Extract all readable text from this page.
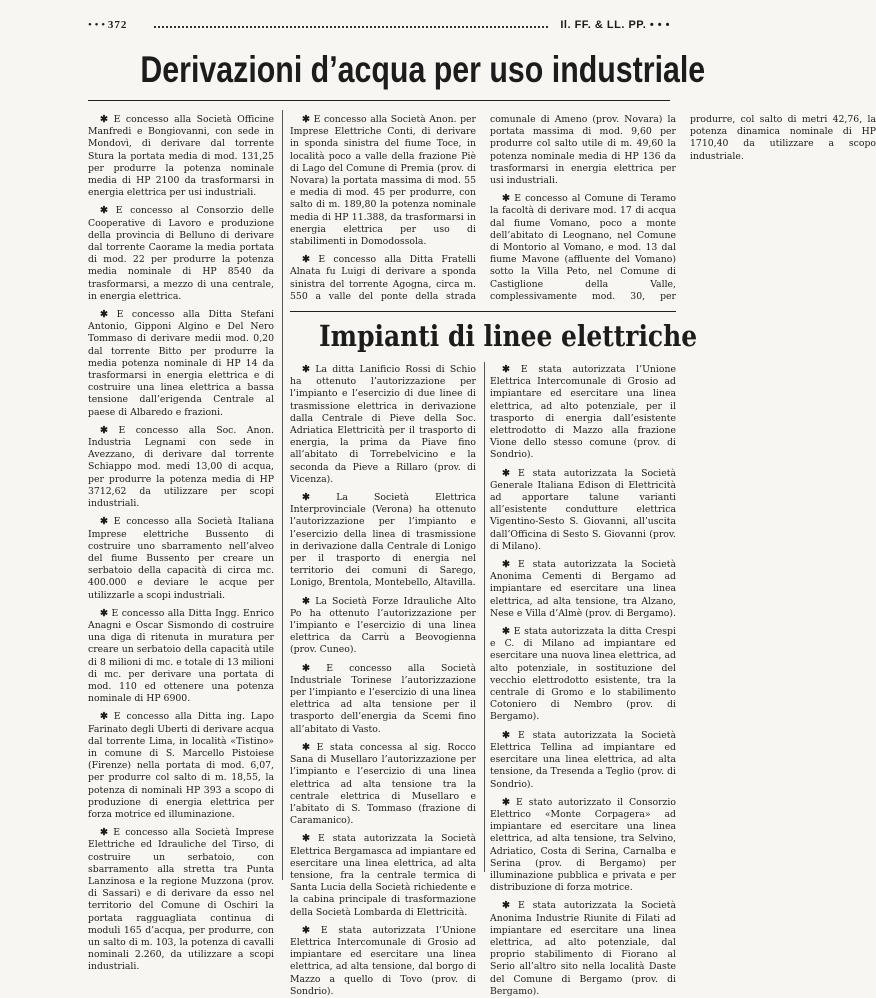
• • • 372	Il. FF. & LL. PP. • • •
Derivazioni d’acqua per uso industriale

✱ E concesso alla Società Officine Manfredi e Bongiovanni, con sede in Mondovì, di derivare dal torrente Stura la portata media di mod. 131,25 per produrre la potenza nominale media di HP 2100 da trasformarsi in energia elettrica per usi industriali.

✱ E concesso al Consorzio delle Cooperative di Lavoro e produzione della provincia di Belluno di derivare dal torrente Caorame la media portata di mod. 22 per produrre la potenza media nominale di HP 8540 da trasformarsi, a mezzo di una centrale, in energia elettrica.

✱ E concesso alla Ditta Stefani Antonio, Gipponi Algino e Del Nero Tommaso di derivare medii mod. 0,20 dal torrente Bitto per produrre la media potenza nominale di HP 14 da trasformarsi in energia elettrica e di costruire una linea elettrica a bassa tensione dall’erigenda Centrale al paese di Albaredo e frazioni.

✱ E concesso alla Soc. Anon. Industria Legnami con sede in Avezzano, di derivare dal torrente Schiappo mod. medi 13,00 di acqua, per produrre la potenza media di HP 3712,62 da utilizzare per scopi industriali.

✱ E concesso alla Società Italiana Imprese elettriche Bussento di costruire uno sbarramento nell’alveo del fiume Bussento per creare un serbatoio della capacità di circa mc. 400.000 e deviare le acque per utilizzarle a scopi industriali.

✱ E concesso alla Ditta Ingg. Enrico Anagni e Oscar Sismondo di costruire una diga di ritenuta in muratura per creare un serbatoio della capacità utile di 8 milioni di mc. e totale di 13 milioni di mc. per derivare una portata di mod. 110 ed ottenere una potenza nominale di HP 6900.

✱ E concesso alla Ditta ing. Lapo Farinato degli Uberti di derivare acqua dal torrente Lima, in località «Tistino» in comune di S. Marcello Pistoiese (Firenze) nella portata di mod. 6,07, per produrre col salto di m. 18,55, la potenza di nominali HP 393 a scopo di produzione di energia elettrica per forza motrice ed illuminazione.

✱ E concesso alla Società Imprese Elettriche ed Idrauliche del Tirso, di costruire un serbatoio, con sbarramento alla stretta tra Punta Lanzinosa e la regione Muzzona (prov. di Sassari) e di derivare da esso nel territorio del Comune di Oschiri la portata ragguagliata continua di moduli 165 d’acqua, per produrre, con un salto di m. 103, la potenza di cavalli nominali 2.260, da utilizzare a scopi industriali.

✱ E concesso alla Società Anon. per Imprese Elettriche Conti, di derivare in sponda sinistra del fiume Toce, in località poco a valle della frazione Piè di Lago del Comune di Premia (prov. di Novara) la portata massima di mod. 55 e media di mod. 45 per produrre, con salto di m. 189,80 la potenza nominale media di HP 11.388, da trasformarsi in energia elettrica per uso di stabilimenti in Domodossola.

✱ E concesso alla Ditta Fratelli Alnata fu Luigi di derivare a sponda sinistra del torrente Agogna, circa m. 550 a valle del ponte della strada comunale di Ameno (prov. Novara) la portata massima di mod. 9,60 per produrre col salto utile di m. 49,60 la potenza nominale media di HP 136 da trasformarsi in energia elettrica per usi industriali.

✱ E concesso al Comune di Teramo la facoltà di derivare mod. 17 di acqua dal fiume Vomano, poco a monte dell’abitato di Leognano, nel Comune di Montorio al Vomano, e mod. 13 dal fiume Mavone (affluente del Vomano) sotto la Villa Peto, nel Comune di Castiglione della Valle, complessivamente mod. 30, per produrre, col salto di metri 42,76, la potenza dinamica nominale di HP 1710,40 da utilizzare a scopo industriale.

Impianti di linee elettriche

✱ La ditta Lanificio Rossi di Schio ha ottenuto l’autorizzazione per l’impianto e l’esercizio di due linee di trasmissione elettrica in derivazione dalla Centrale di Pieve della Soc. Adriatica Elettricità per il trasporto di energia, la prima da Piave fino all’abitato di Torrebelvicino e la seconda da Pieve a Rillaro (prov. di Vicenza).

✱ La Società Elettrica Interprovinciale (Verona) ha ottenuto l’autorizzazione per l’impianto e l’esercizio della linea di trasmissione in derivazione dalla Centrale di Lonigo per il trasporto di energia nel territorio dei comuni di Sarego, Lonigo, Brentola, Montebello, Altavilla.

✱ La Società Forze Idrauliche Alto Po ha ottenuto l’autorizzazione per l’impianto e l’esercizio di una linea elettrica da Carrù a Beovogienna (prov. Cuneo).

✱ E concesso alla Società Industriale Torinese l’autorizzazione per l’impianto e l’esercizio di una linea elettrica ad alta tensione per il trasporto dell’energia da Scemi fino all’abitato di Vasto.

✱ E stata concessa al sig. Rocco Sana di Musellaro l’autorizzazione per l’impianto e l’esercizio di una linea elettrica ad alta tensione tra la centrale elettrica di Musellaro e l’abitato di S. Tommaso (frazione di Caramanico).

✱ E stata autorizzata la Società Elettrica Bergamasca ad impiantare ed esercitare una linea elettrica, ad alta tensione, fra la centrale termica di Santa Lucia della Società richiedente e la cabina principale di trasformazione della Società Lombarda di Elettricità.

✱ E stata autorizzata l’Unione Elettrica Intercomunale di Grosio ad impiantare ed esercitare una linea elettrica, ad alta tensione, dal borgo di Mazzo a quello di Tovo (prov. di Sondrio).

✱ E stata autorizzata l’Unione Elettrica Intercomunale di Grosio ad impiantare ed esercitare una linea elettrica, ad alto potenziale, per il trasporto di energia dall’esistente elettrodotto di Mazzo alla frazione Vione dello stesso comune (prov. di Sondrio).

✱ E stata autorizzata la Società Generale Italiana Edison di Elettricità ad apportare talune varianti all’esistente condutture elettrica Vigentino-Sesto S. Giovanni, all’uscita dall’Officina di Sesto S. Giovanni (prov. di Milano).

✱ E stata autorizzata la Società Anonima Cementi di Bergamo ad impiantare ed esercitare una linea elettrica, ad alta tensione, tra Alzano, Nese e Villa d’Almè (prov. di Bergamo).

✱ E stata autorizzata la ditta Crespi e C. di Milano ad impiantare ed esercitare una nuova linea elettrica, ad alto potenziale, in sostituzione del vecchio elettrodotto esistente, tra la centrale di Gromo e lo stabilimento Cotoniero di Nembro (prov. di Bergamo).

✱ E stata autorizzata la Società Elettrica Tellina ad impiantare ed esercitare una linea elettrica, ad alta tensione, da Tresenda a Teglio (prov. di Sondrio).

✱ E stato autorizzato il Consorzio Elettrico «Monte Corpagera» ad impiantare ed esercitare una linea elettrica, ad alta tensione, tra Selvino, Adriatico, Costa di Serina, Carnalba e Serina (prov. di Bergamo) per illuminazione pubblica e privata e per distribuzione di forza motrice.

✱ E stata autorizzata la Società Anonima Industrie Riunite di Filati ad impiantare ed esercitare una linea elettrica, ad alto potenziale, dal proprio stabilimento di Fiorano al Serio all’altro sito nella località Daste del Comune di Bergamo (prov. di Bergamo).
